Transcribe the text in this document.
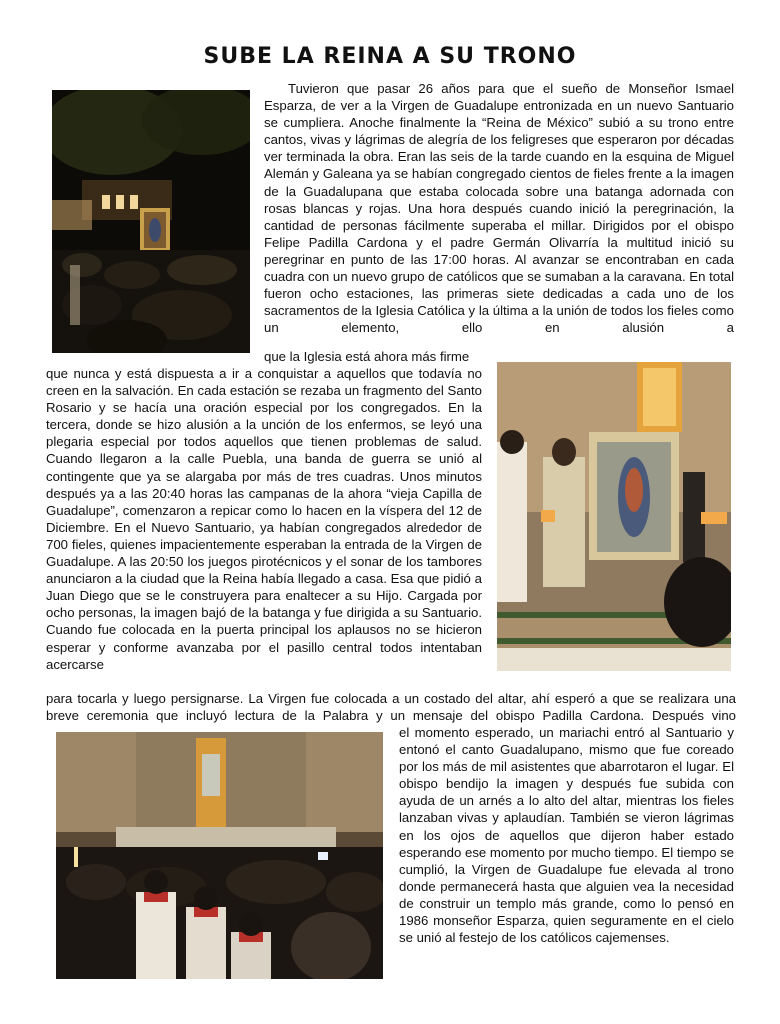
SUBE LA REINA A SU TRONO

Tuvieron que pasar 26 años para que el sueño de Monseñor Ismael Esparza, de ver a la Virgen de Guadalupe entronizada en un nuevo Santuario se cumpliera. Anoche finalmente la “Reina de México” subió a su trono entre cantos, vivas y lágrimas de alegría de los feligreses que esperaron por décadas ver terminada la obra. Eran las seis de la tarde cuando en la esquina de Miguel Alemán y Galeana ya se habían congregado cientos de fieles frente a la imagen de la Guadalupana que estaba colocada sobre una batanga adornada con rosas blancas y rojas. Una hora después cuando inició la peregrinación, la cantidad de personas fácilmente superaba el millar. Dirigidos por el obispo Felipe Padilla Cardona y el padre Germán Olivarría la multitud inició su peregrinar en punto de las 17:00 horas. Al avanzar se encontraban en cada cuadra con un nuevo grupo de católicos que se sumaban a la caravana. En total fueron ocho estaciones, las primeras siete dedicadas a cada uno de los sacramentos de la Iglesia Católica y la última a la unión de todos los fieles como un elemento, ello en alusión a

que la Iglesia está ahora más firme

que nunca y está dispuesta a ir a conquistar a aquellos que todavía no creen en la salvación. En cada estación se rezaba un fragmento del Santo Rosario y se hacía una oración especial por los congregados. En la tercera, donde se hizo alusión a la unción de los enfermos, se leyó una plegaria especial por todos aquellos que tienen problemas de salud. Cuando llegaron a la calle Puebla, una banda de guerra se unió al contingente que ya se alargaba por más de tres cuadras. Unos minutos después ya a las 20:40 horas las campanas de la ahora “vieja Capilla de Guadalupe”, comenzaron a repicar como lo hacen en la víspera del 12 de Diciembre. En el Nuevo Santuario, ya habían congregados alrededor de 700 fieles, quienes impacientemente esperaban la entrada de la Virgen de Guadalupe. A las 20:50 los juegos pirotécnicos y el sonar de los tambores anunciaron a la ciudad que la Reina había llegado a casa. Esa que pidió a Juan Diego que se le construyera para enaltecer a su Hijo. Cargada por ocho personas, la imagen bajó de la batanga y fue dirigida a su Santuario. Cuando fue colocada en la puerta principal los aplausos no se hicieron esperar y conforme avanzaba por el pasillo central todos intentaban acercarse

para tocarla y luego persignarse. La Virgen fue colocada a un costado del altar, ahí esperó a que se realizara una breve ceremonia que incluyó lectura de la Palabra y un mensaje del obispo Padilla Cardona. Después vino

el momento esperado, un mariachi entró al Santuario y entonó el canto Guadalupano, mismo que fue coreado por los más de mil asistentes que abarrotaron el lugar. El obispo bendijo la imagen y después fue subida con ayuda de un arnés a lo alto del altar, mientras los fieles lanzaban vivas y aplaudían. También se vieron lágrimas en los ojos de aquellos que dijeron haber estado esperando ese momento por mucho tiempo. El tiempo se cumplió, la Virgen de Guadalupe fue elevada al trono donde permanecerá hasta que alguien vea la necesidad de construir un templo más grande, como lo pensó en 1986 monseñor Esparza, quien seguramente en el cielo se unió al festejo de los católicos cajemenses.
